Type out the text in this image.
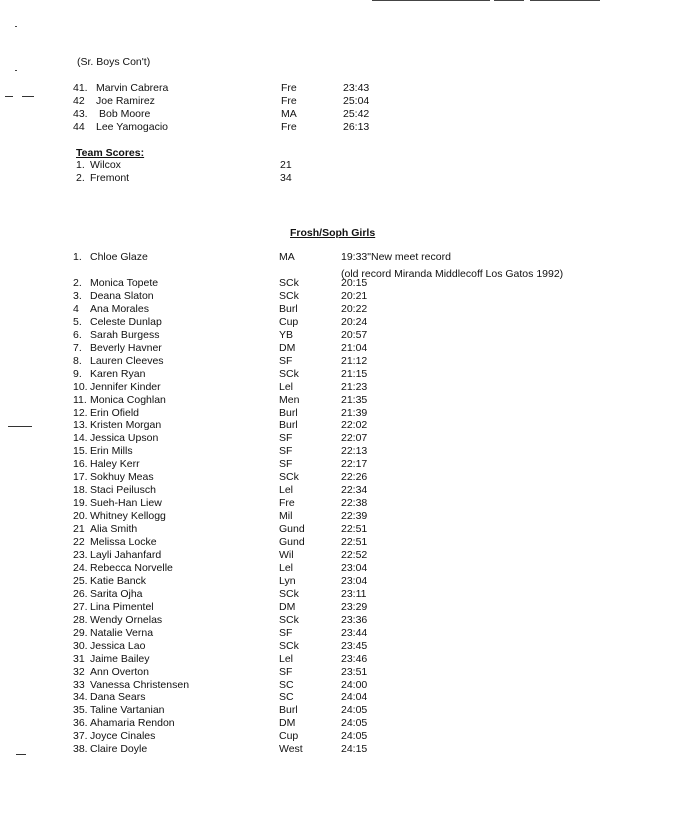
(Sr. Boys Con't)
41. Marvin Cabrera	Fre	23:43
42 Joe Ramirez	Fre	25:04
43. Bob Moore	MA	25:42
44 Lee Yamogacio	Fre	26:13
Team Scores:
1. Wilcox	21
2. Fremont	34
Frosh/Soph Girls
(old record Miranda Middlecoff Los Gatos 1992)
1. Chloe Glaze	MA	19:33"New meet record
2. Monica Topete	SCk	20:15
3. Deana Slaton	SCk	20:21
4 Ana Morales	Burl	20:22
5. Celeste Dunlap	Cup	20:24
6. Sarah Burgess	YB	20:57
7. Beverly Havner	DM	21:04
8. Lauren Cleeves	SF	21:12
9. Karen Ryan	SCk	21:15
10. Jennifer Kinder	Lel	21:23
11. Monica Coghlan	Men	21:35
12. Erin Ofield	Burl	21:39
13. Kristen Morgan	Burl	22:02
14. Jessica Upson	SF	22:07
15. Erin Mills	SF	22:13
16. Haley Kerr	SF	22:17
17. Sokhuy Meas	SCk	22:26
18. Staci Peilusch	Lel	22:34
19. Sueh-Han Liew	Fre	22:38
20. Whitney Kellogg	Mil	22:39
21 Alia Smith	Gund	22:51
22 Melissa Locke	Gund	22:51
23. Layli Jahanfard	Wil	22:52
24. Rebecca Norvelle	Lel	23:04
25. Katie Banck	Lyn	23:04
26. Sarita Ojha	SCk	23:11
27. Lina Pimentel	DM	23:29
28. Wendy Ornelas	SCk	23:36
29. Natalie Verna	SF	23:44
30. Jessica Lao	SCk	23:45
31 Jaime Bailey	Lel	23:46
32 Ann Overton	SF	23:51
33 Vanessa Christensen	SC	24:00
34. Dana Sears	SC	24:04
35. Taline Vartanian	Burl	24:05
36. Ahamaria Rendon	DM	24:05
37. Joyce Cinales	Cup	24:05
38. Claire Doyle	West	24:15
